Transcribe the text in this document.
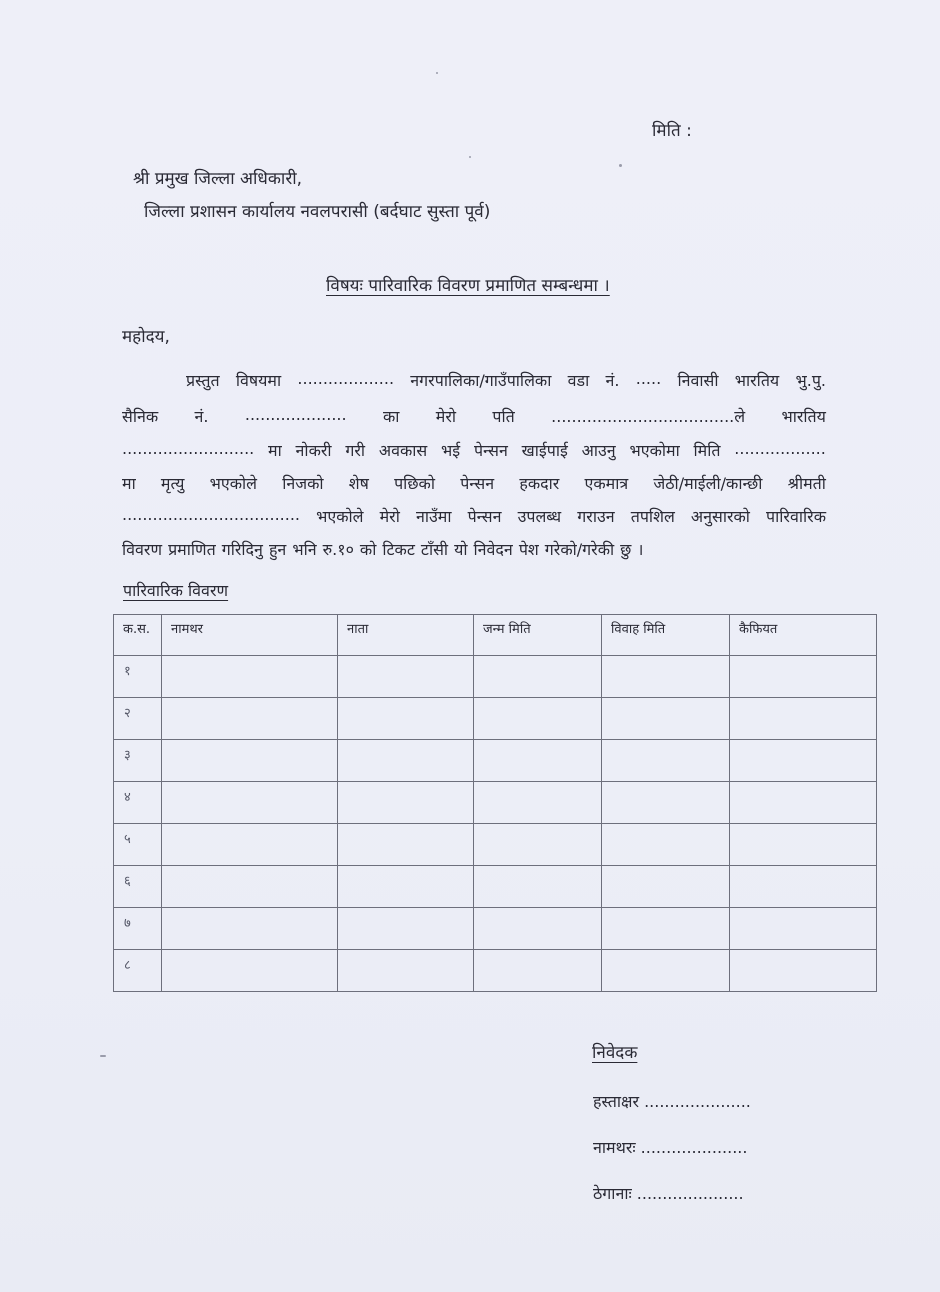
मिति :
श्री प्रमुख जिल्ला अधिकारी,
जिल्ला प्रशासन कार्यालय नवलपरासी (बर्दघाट सुस्ता पूर्व)
विषयः पारिवारिक विवरण प्रमाणित सम्बन्धमा ।
महोदय,
प्रस्तुत विषयमा ................... नगरपालिका/गाउँपालिका वडा नं. ..... निवासी भारतिय भु.पु.
सैनिक नं. .................... का मेरो पति ....................................ले भारतिय
.......................... मा नोकरी गरी अवकास भई पेन्सन खाईपाई आउनु भएकोमा मिति ..................
मा मृत्यु भएकोले निजको शेष पछिको पेन्सन हकदार एकमात्र जेठी/माईली/कान्छी श्रीमती
................................... भएकोले मेरो नाउँमा पेन्सन उपलब्ध गराउन तपशिल अनुसारको पारिवारिक
विवरण प्रमाणित गरिदिनु हुन भनि रु.१० को टिकट टाँसी यो निवेदन पेश गरेको/गरेकी छु ।
पारिवारिक विवरण
क.स.	नामथर	नाता	जन्म मिति	विवाह मिति	कैफियत
१					
२					
३					
४					
५					
६					
७					
८					
निवेदक
हस्ताक्षर .....................
नामथरः .....................
ठेगानाः .....................
